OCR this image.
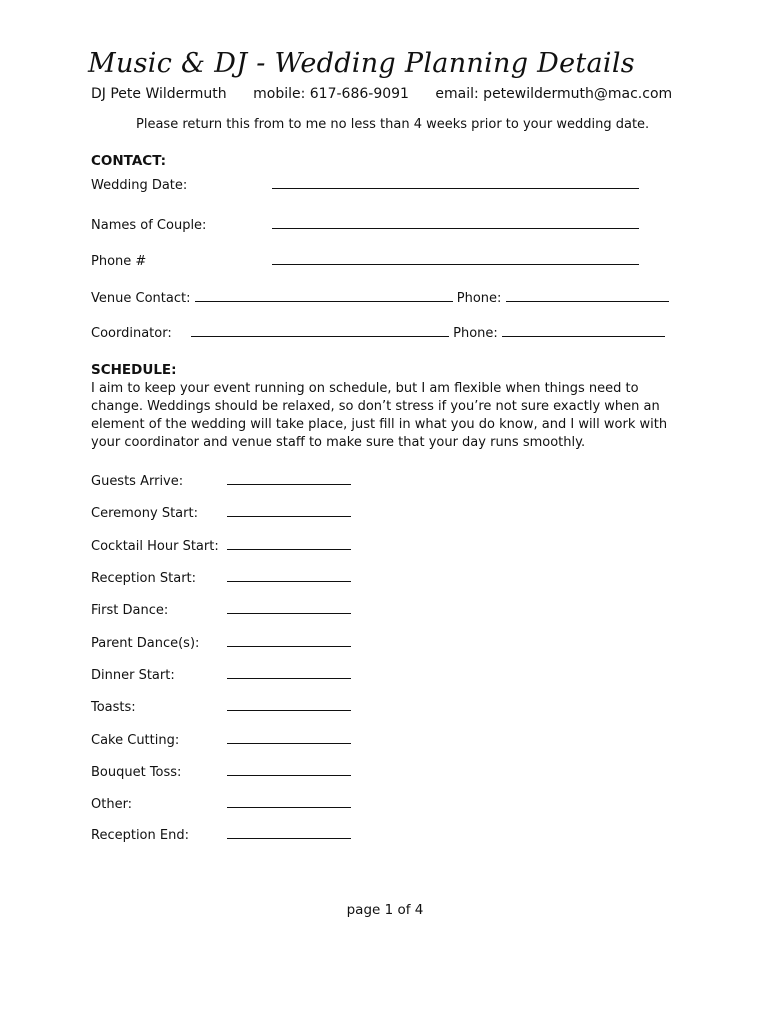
Music & DJ - Wedding Planning Details
DJ Pete Wildermuth mobile: 617-686-9091 email: petewildermuth@mac.com
Please return this from to me no less than 4 weeks prior to your wedding date.
CONTACT:
Wedding Date:
Names of Couple:
Phone #
Venue Contact:	Phone:
Coordinator:	Phone:
SCHEDULE:
I aim to keep your event running on schedule, but I am flexible when things need to change. Weddings should be relaxed, so don’t stress if you’re not sure exactly when an element of the wedding will take place, just fill in what you do know, and I will work with your coordinator and venue staff to make sure that your day runs smoothly.
Guests Arrive:
Ceremony Start:
Cocktail Hour Start:
Reception Start:
First Dance:
Parent Dance(s):
Dinner Start:
Toasts:
Cake Cutting:
Bouquet Toss:
Other:
Reception End:
page 1 of 4
